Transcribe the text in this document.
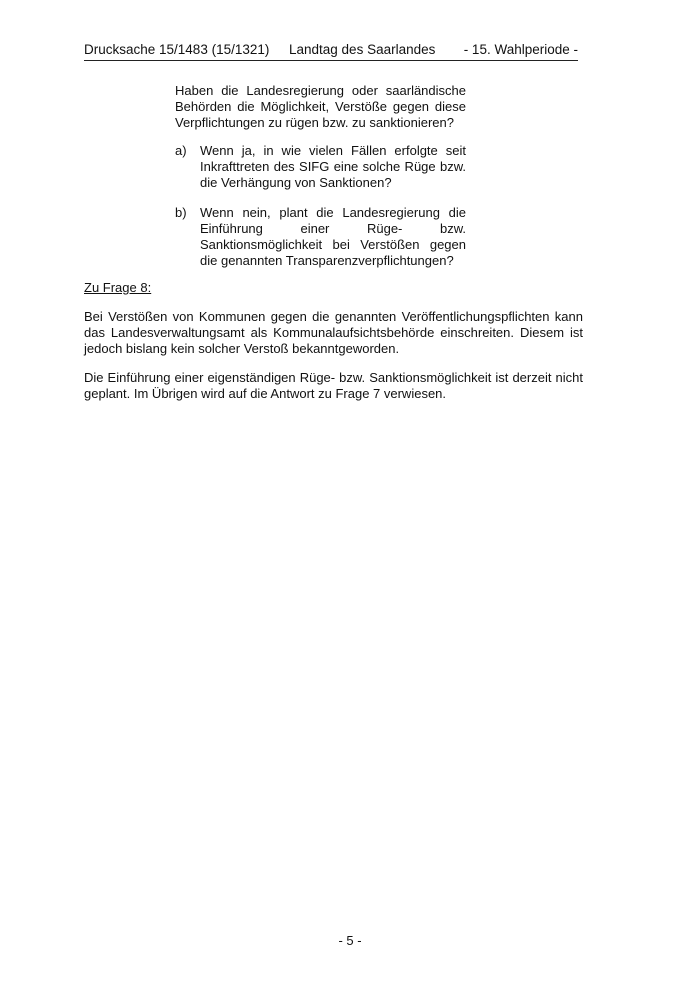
Drucksache 15/1483 (15/1321) Landtag des Saarlandes - 15. Wahlperiode -

Haben die Landesregierung oder saarländische Behörden die Möglichkeit, Verstöße gegen diese Verpflichtungen zu rügen bzw. zu sanktionieren?

a) Wenn ja, in wie vielen Fällen erfolgte seit Inkrafttreten des SIFG eine solche Rüge bzw. die Verhängung von Sanktionen?

b) Wenn nein, plant die Landesregierung die Einführung einer Rüge- bzw. Sanktionsmöglichkeit bei Verstößen gegen die genannten Transparenzverpflichtungen?

Zu Frage 8:

Bei Verstößen von Kommunen gegen die genannten Veröffentlichungspflichten kann das Landesverwaltungsamt als Kommunalaufsichtsbehörde einschreiten. Diesem ist jedoch bislang kein solcher Verstoß bekanntgeworden.

Die Einführung einer eigenständigen Rüge- bzw. Sanktionsmöglichkeit ist derzeit nicht geplant. Im Übrigen wird auf die Antwort zu Frage 7 verwiesen.

- 5 -
